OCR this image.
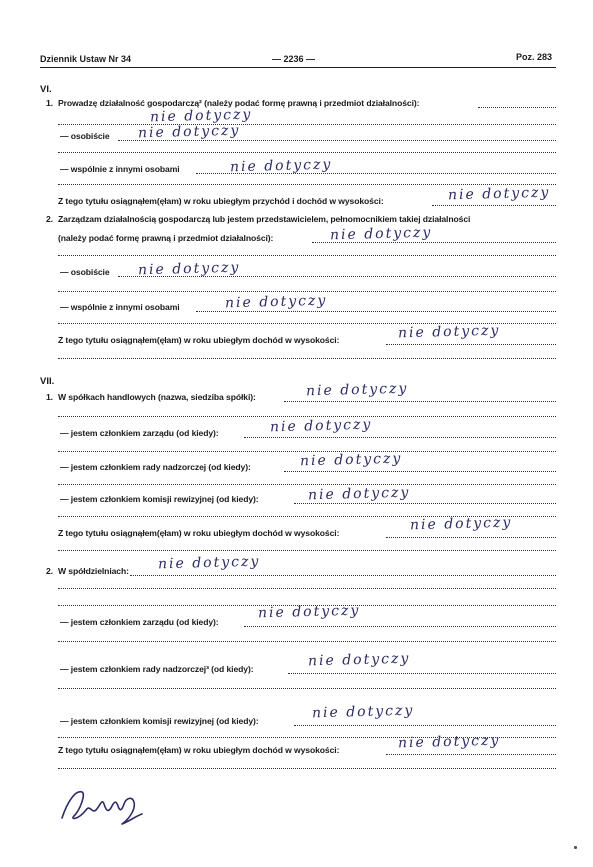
Dziennik Ustaw Nr 34	— 2236 —	Poz. 283
VI.
1. Prowadzę działalność gospodarczą² (należy podać formę prawną i przedmiot działalności):
nie dotyczy
— osobiście nie dotyczy
— wspólnie z innymi osobami	nie dotyczy
Z tego tytułu osiągnąłem(ęłam) w roku ubiegłym przychód i dochód w wysokości:	nie dotyczy
2. Zarządzam działalnością gospodarczą lub jestem przedstawicielem, pełnomocnikiem takiej działalności
(należy podać formę prawną i przedmiot działalności):	nie dotyczy
— osobiście nie dotyczy
— wspólnie z innymi osobami	nie dotyczy
Z tego tytułu osiągnąłem(ęłam) w roku ubiegłym dochód w wysokości:	nie dotyczy
VII.
1. W spółkach handlowych (nazwa, siedziba spółki):	nie dotyczy
— jestem członkiem zarządu (od kiedy):	nie dotyczy
— jestem członkiem rady nadzorczej (od kiedy):	nie dotyczy
— jestem członkiem komisji rewizyjnej (od kiedy):	nie dotyczy
Z tego tytułu osiągnąłem(ęłam) w roku ubiegłym dochód w wysokości:	nie dotyczy
2. W spółdzielniach: nie dotyczy
— jestem członkiem zarządu (od kiedy):
nie dotyczy
— jestem członkiem rady nadzorczej³ (od kiedy):	nie dotyczy
— jestem członkiem komisji rewizyjnej (od kiedy):	nie dotyczy
Z tego tytułu osiągnąłem(ęłam) w roku ubiegłym dochód w wysokości:	nie dotyczy
